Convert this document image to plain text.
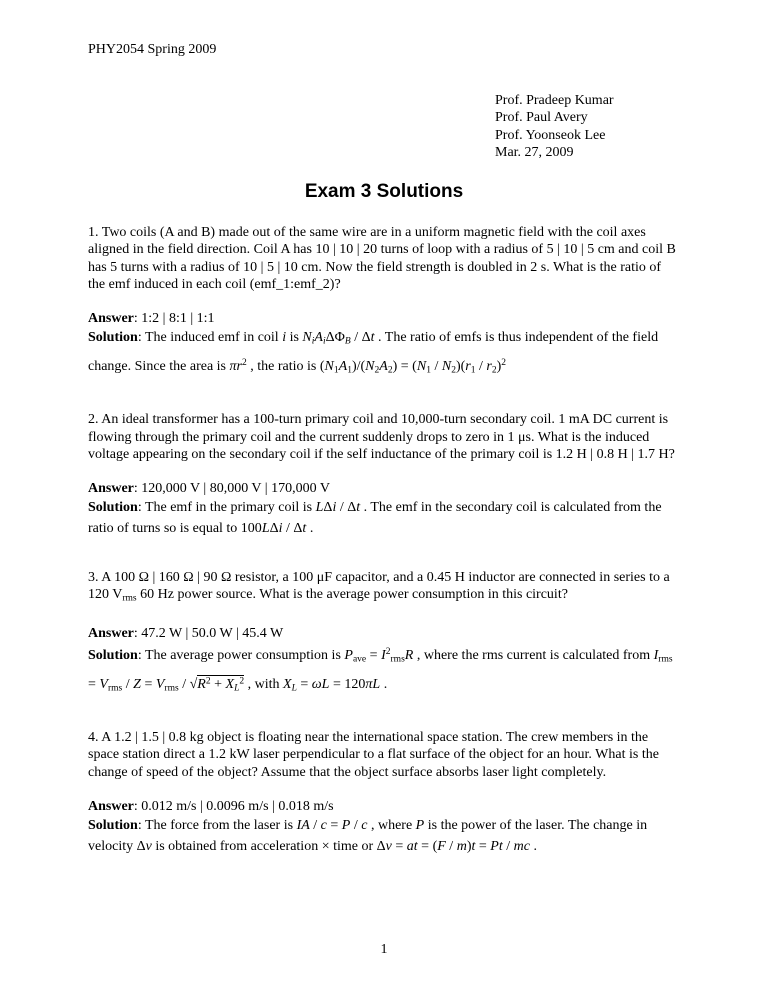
PHY2054 Spring 2009
Prof. Pradeep Kumar
Prof. Paul Avery
Prof. Yoonseok Lee
Mar. 27, 2009
Exam 3 Solutions

1. Two coils (A and B) made out of the same wire are in a uniform magnetic field with the coil axes aligned in the field direction. Coil A has 10 | 10 | 20 turns of loop with a radius of 5 | 10 | 5 cm and coil B has 5 turns with a radius of 10 | 5 | 10 cm. Now the field strength is doubled in 2 s. What is the ratio of the emf induced in each coil (emf_1:emf_2)?

Answer: 1:2 | 8:1 | 1:1

Solution: The induced emf in coil i is $N_iA_i\Delta\Phi_B$ / Δt . The ratio of emfs is thus independent of the field change. Since the area is $\pi r^2$ , the ratio is $(N_1A_1)/(N_2A_2) = (N_1 / N_2)(r_1 / r_2)^2$

2. An ideal transformer has a 100-turn primary coil and 10,000-turn secondary coil. 1 mA DC current is flowing through the primary coil and the current suddenly drops to zero in 1 μs. What is the induced voltage appearing on the secondary coil if the self inductance of the primary coil is 1.2 H | 0.8 H | 1.7 H?

Answer: 120,000 V | 80,000 V | 170,000 V

Solution: The emf in the primary coil is LΔi / Δt . The emf in the secondary coil is calculated from the ratio of turns so is equal to 100LΔi / Δt .

3. A 100 Ω | 160 Ω | 90 Ω resistor, a 100 μF capacitor, and a 0.45 H inductor are connected in series to a 120 $V_{rms}$ 60 Hz power source. What is the average power consumption in this circuit?

Answer: 47.2 W | 50.0 W | 45.4 W

Solution: The average power consumption is $P_{ave} = I^2_{rms}R$ , where the rms current is calculated from $I_{rms} = V_{rms} / Z = V_{rms} / √R^2 + X_L^2$ , with $X_L = \omega L = 120\pi L$ .

4. A 1.2 | 1.5 | 0.8 kg object is floating near the international space station. The crew members in the space station direct a 1.2 kW laser perpendicular to a flat surface of the object for an hour. What is the change of speed of the object? Assume that the object surface absorbs laser light completely.

Answer: 0.012 m/s | 0.0096 m/s | 0.018 m/s

Solution: The force from the laser is IA / c = P / c , where P is the power of the laser. The change in velocity Δv is obtained from acceleration × time or Δv = at = (F / m)t = Pt / mc .

1
